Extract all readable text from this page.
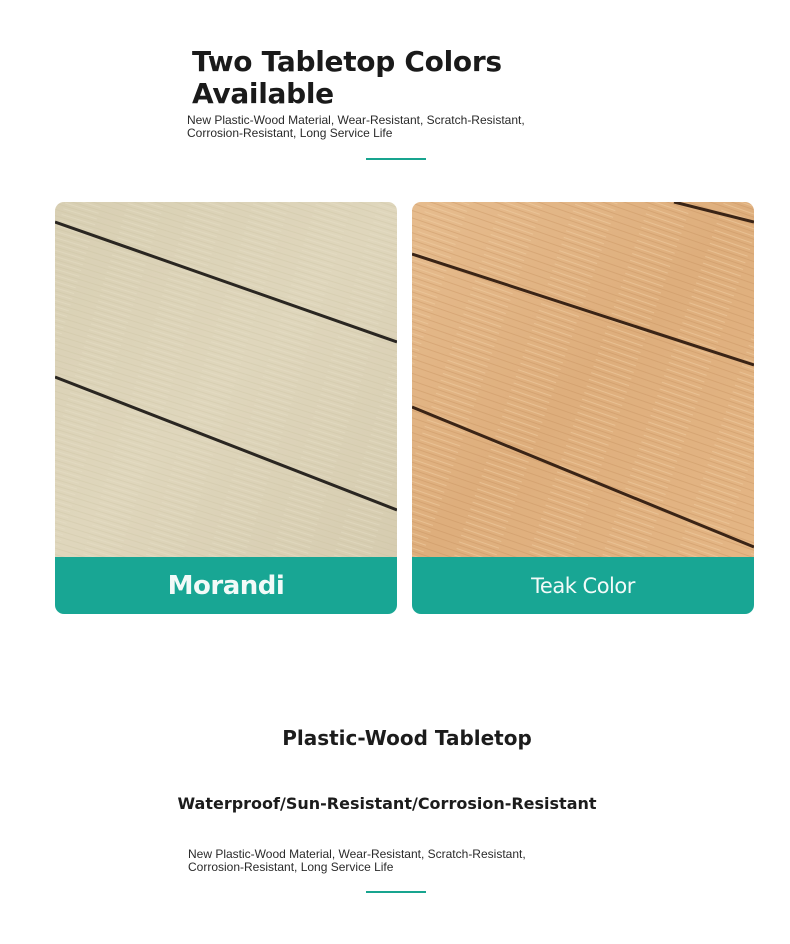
Two Tabletop Colors Available
New Plastic-Wood Material, Wear-Resistant, Scratch-Resistant, Corrosion-Resistant, Long Service Life
Morandi	Teak Color
Plastic-Wood Tabletop
Waterproof/Sun-Resistant/Corrosion-Resistant
New Plastic-Wood Material, Wear-Resistant, Scratch-Resistant, Corrosion-Resistant, Long Service Life
